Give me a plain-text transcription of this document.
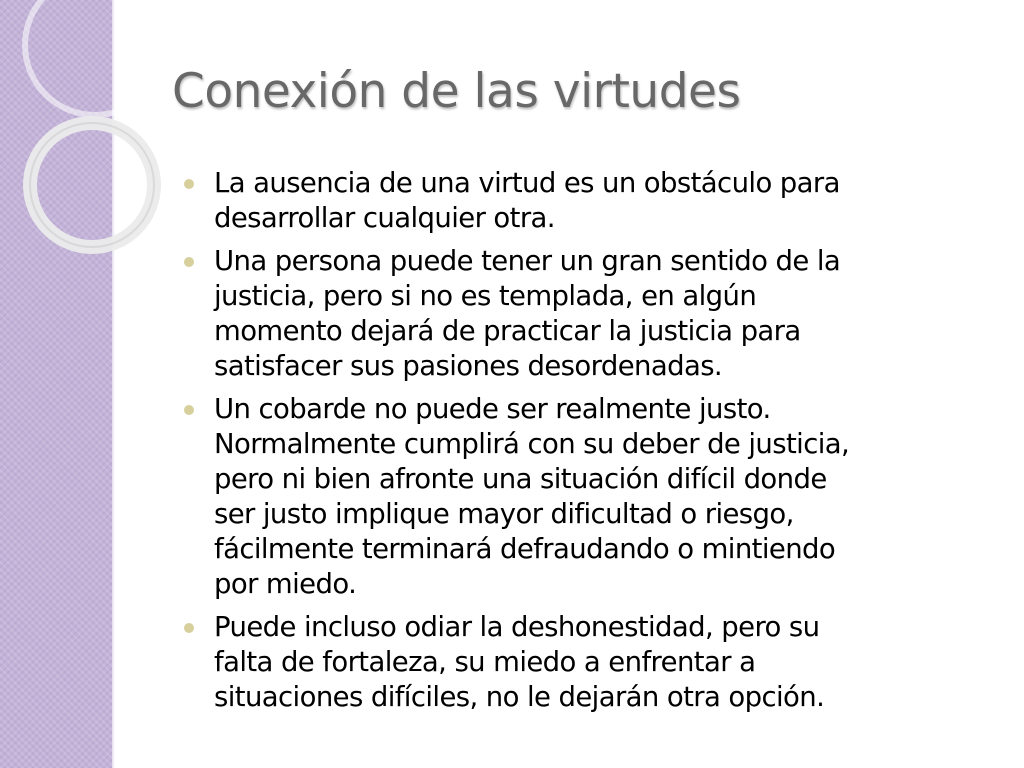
Conexión de las virtudes
La ausencia de una virtud es un obstáculo para
desarrollar cualquier otra.
Una persona puede tener un gran sentido de la
justicia, pero si no es templada, en algún
momento dejará de practicar la justicia para
satisfacer sus pasiones desordenadas.
Un cobarde no puede ser realmente justo.
Normalmente cumplirá con su deber de justicia,
pero ni bien afronte una situación difícil donde
ser justo implique mayor dificultad o riesgo,
fácilmente terminará defraudando o mintiendo
por miedo.
Puede incluso odiar la deshonestidad, pero su
falta de fortaleza, su miedo a enfrentar a
situaciones difíciles, no le dejarán otra opción.
